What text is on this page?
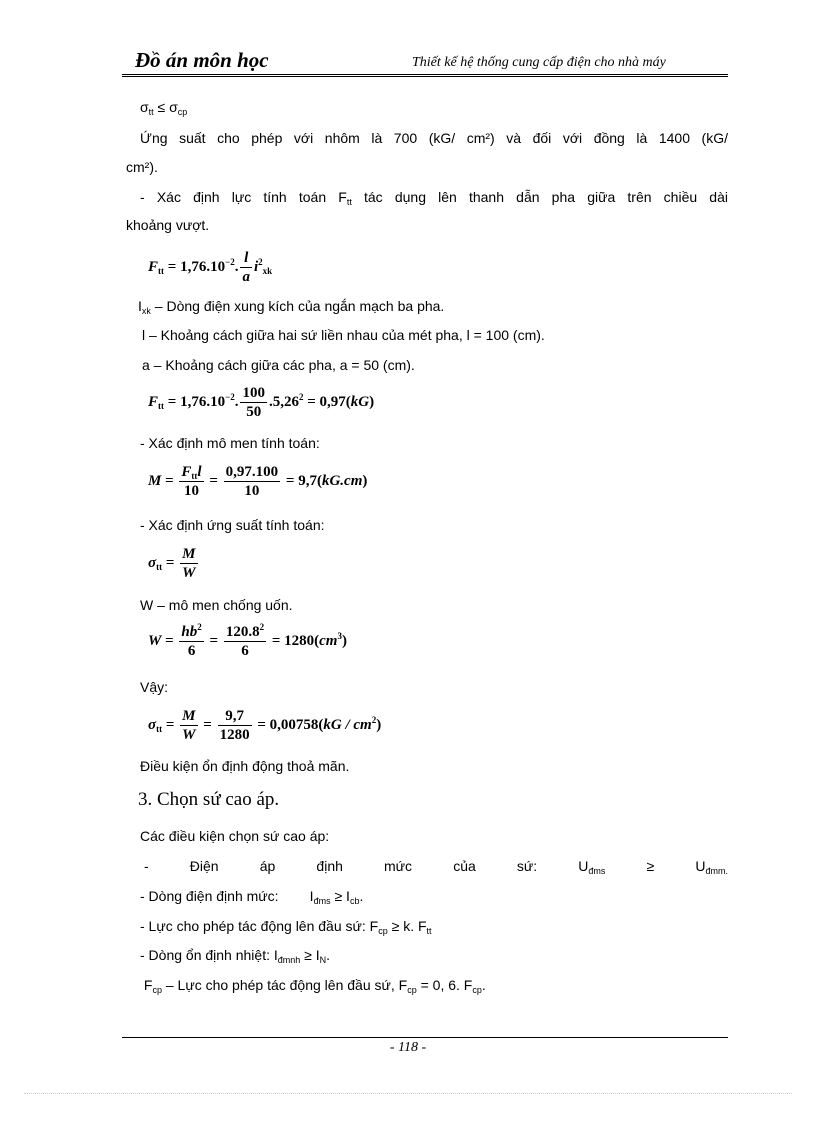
Đồ án môn học	Thiết kế hệ thống cung cấp điện cho nhà máy
$\sigma_{tt} \le \sigma_{cp}$
Ứng suất cho phép với nhôm là 700 (kG/ cm²) và đối với đồng là 1400 (kG/
cm²).
- Xác định lực tính toán $F_{tt}$ tác dụng lên thanh dẫn pha giữa trên chiều dài
khoảng vượt.
$F_{tt} = 1,76.10^{-2}$. $\frac{l}{a} i^2_{xk}$
$I_{xk}$ – Dòng điện xung kích của ngắn mạch ba pha.
l – Khoảng cách giữa hai sứ liền nhau của mét pha, l = 100 (cm).
a – Khoảng cách giữa các pha, a = 50 (cm).
$F_{tt} = 1,76.10^{-2}$. $\frac{100}{50} .5,26^2 = 0,97(kG)$
- Xác định mô men tính toán:
$M = \frac{F_{tt}l}{10} = \frac{0,97.100}{10} = 9,7(kG.cm)$
- Xác định ứng suất tính toán:
$\sigma_{tt} = \frac{M}{W}$
W – mô men chống uốn.
$W = \frac{hb^2}{6} = \frac{120.8^2}{6} = 1280(cm^3)$
Vậy:
$\sigma_{tt} = \frac{M}{W} = \frac{9,7}{1280} = 0,00758(kG / cm^2)$
Điều kiện ổn định động thoả mãn.
3. Chọn sứ cao áp.
Các điều kiện chọn sứ cao áp:
-	Điện	áp	định	mức	của	sứ:	$U_{đms}$	≥	$U_{đmm.}$
- Dòng điện định mức:        $I_{đms} \ge I_{cb}$.
- Lực cho phép tác động lên đầu sứ: $F_{cp} \ge k$. $F_{tt}$
- Dòng ổn định nhiệt: $I_{đmnh} \ge I_N$.
$F_{cp}$ – Lực cho phép tác động lên đầu sứ, $F_{cp} = 0$, 6. $F_{cp}$.
- 118 -
